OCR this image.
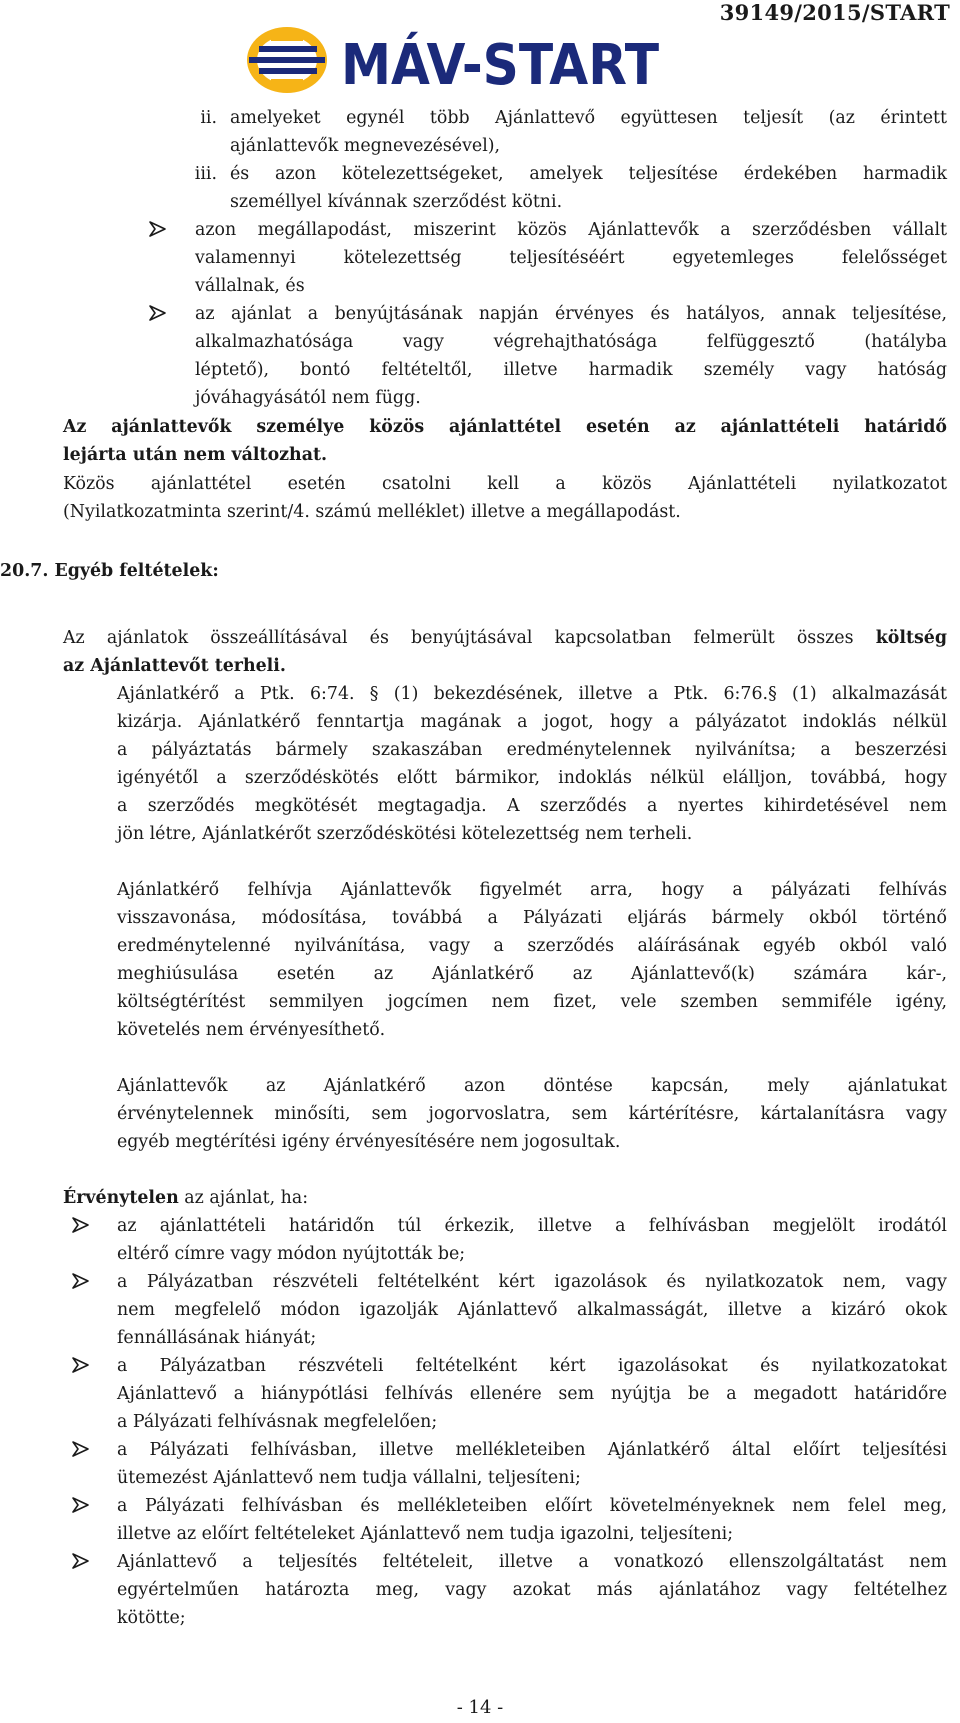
39149/2015/START
MÁV-START
ii. amelyeket egynél több Ajánlattevő együttesen teljesít (az érintett
ajánlattevők megnevezésével),
iii. és azon kötelezettségeket, amelyek teljesítése érdekében harmadik
személlyel kívánnak szerződést kötni.
azon megállapodást, miszerint közös Ajánlattevők a szerződésben vállalt
valamennyi kötelezettség teljesítéséért egyetemleges felelősséget
vállalnak, és
az ajánlat a benyújtásának napján érvényes és hatályos, annak teljesítése,
alkalmazhatósága vagy végrehajthatósága felfüggesztő (hatályba
léptető), bontó feltételtől, illetve harmadik személy vagy hatóság
jóváhagyásától nem függ.
Az ajánlattevők személye közös ajánlattétel esetén az ajánlattételi határidő
lejárta után nem változhat.
Közös ajánlattétel esetén csatolni kell a közös Ajánlattételi nyilatkozatot
(Nyilatkozatminta szerint/4. számú melléklet) illetve a megállapodást.
20.7. Egyéb feltételek:
Az ajánlatok összeállításával és benyújtásával kapcsolatban felmerült összes költség
az Ajánlattevőt terheli.
Ajánlatkérő a Ptk. 6:74. § (1) bekezdésének, illetve a Ptk. 6:76.§ (1) alkalmazását
kizárja. Ajánlatkérő fenntartja magának a jogot, hogy a pályázatot indoklás nélkül
a pályáztatás bármely szakaszában eredménytelennek nyilvánítsa; a beszerzési
igényétől a szerződéskötés előtt bármikor, indoklás nélkül elálljon, továbbá, hogy
a szerződés megkötését megtagadja. A szerződés a nyertes kihirdetésével nem
jön létre, Ajánlatkérőt szerződéskötési kötelezettség nem terheli.
Ajánlatkérő felhívja Ajánlattevők figyelmét arra, hogy a pályázati felhívás
visszavonása, módosítása, továbbá a Pályázati eljárás bármely okból történő
eredménytelenné nyilvánítása, vagy a szerződés aláírásának egyéb okból való
meghiúsulása esetén az Ajánlatkérő az Ajánlattevő(k) számára kár-,
költségtérítést semmilyen jogcímen nem fizet, vele szemben semmiféle igény,
követelés nem érvényesíthető.
Ajánlattevők az Ajánlatkérő azon döntése kapcsán, mely ajánlatukat
érvénytelennek minősíti, sem jogorvoslatra, sem kártérítésre, kártalanításra vagy
egyéb megtérítési igény érvényesítésére nem jogosultak.
Érvénytelen az ajánlat, ha:
az ajánlattételi határidőn túl érkezik, illetve a felhívásban megjelölt irodától
eltérő címre vagy módon nyújtották be;
a Pályázatban részvételi feltételként kért igazolások és nyilatkozatok nem, vagy
nem megfelelő módon igazolják Ajánlattevő alkalmasságát, illetve a kizáró okok
fennállásának hiányát;
a Pályázatban részvételi feltételként kért igazolásokat és nyilatkozatokat
Ajánlattevő a hiánypótlási felhívás ellenére sem nyújtja be a megadott határidőre
a Pályázati felhívásnak megfelelően;
a Pályázati felhívásban, illetve mellékleteiben Ajánlatkérő által előírt teljesítési
ütemezést Ajánlattevő nem tudja vállalni, teljesíteni;
a Pályázati felhívásban és mellékleteiben előírt követelményeknek nem felel meg,
illetve az előírt feltételeket Ajánlattevő nem tudja igazolni, teljesíteni;
Ajánlattevő a teljesítés feltételeit, illetve a vonatkozó ellenszolgáltatást nem
egyértelműen határozta meg, vagy azokat más ajánlatához vagy feltételhez
kötötte;
- 14 -
